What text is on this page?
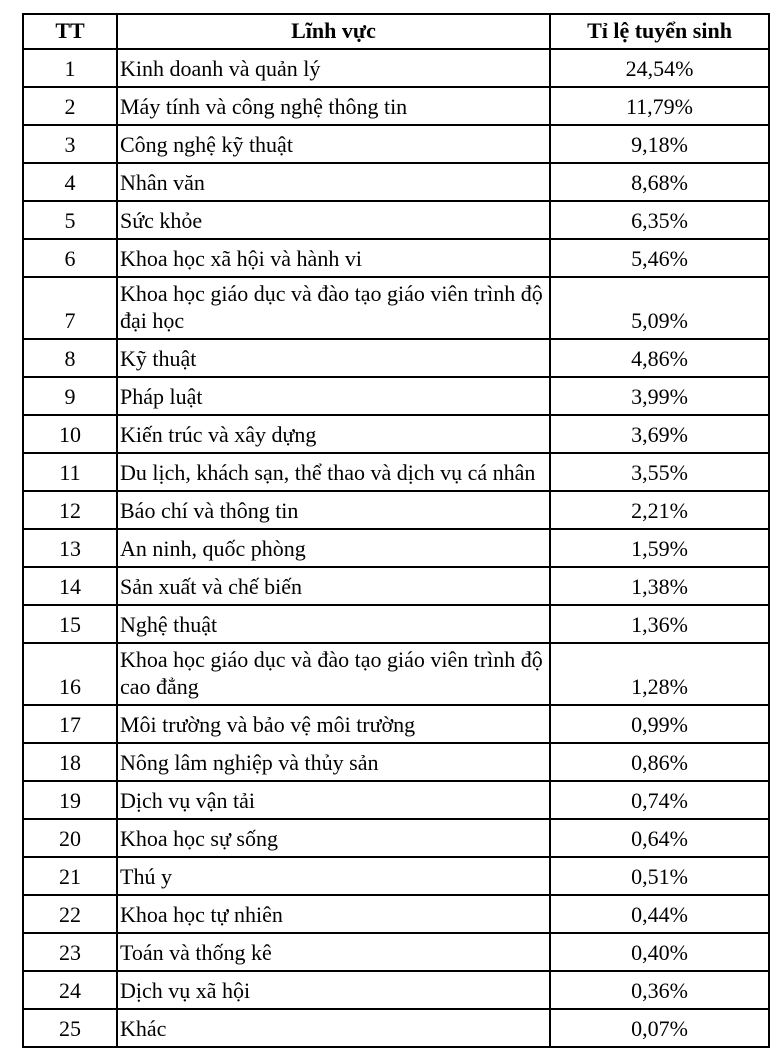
TT	Lĩnh vực	Tỉ lệ tuyển sinh
1	Kinh doanh và quản lý	24,54%
2	Máy tính và công nghệ thông tin	11,79%
3	Công nghệ kỹ thuật	9,18%
4	Nhân văn	8,68%
5	Sức khỏe	6,35%
6	Khoa học xã hội và hành vi	5,46%
7	Khoa học giáo dục và đào tạo giáo viên trình độ đại học	5,09%
8	Kỹ thuật	4,86%
9	Pháp luật	3,99%
10	Kiến trúc và xây dựng	3,69%
11	Du lịch, khách sạn, thể thao và dịch vụ cá nhân	3,55%
12	Báo chí và thông tin	2,21%
13	An ninh, quốc phòng	1,59%
14	Sản xuất và chế biến	1,38%
15	Nghệ thuật	1,36%
16	Khoa học giáo dục và đào tạo giáo viên trình độ cao đẳng	1,28%
17	Môi trường và bảo vệ môi trường	0,99%
18	Nông lâm nghiệp và thủy sản	0,86%
19	Dịch vụ vận tải	0,74%
20	Khoa học sự sống	0,64%
21	Thú y	0,51%
22	Khoa học tự nhiên	0,44%
23	Toán và thống kê	0,40%
24	Dịch vụ xã hội	0,36%
25	Khác	0,07%
